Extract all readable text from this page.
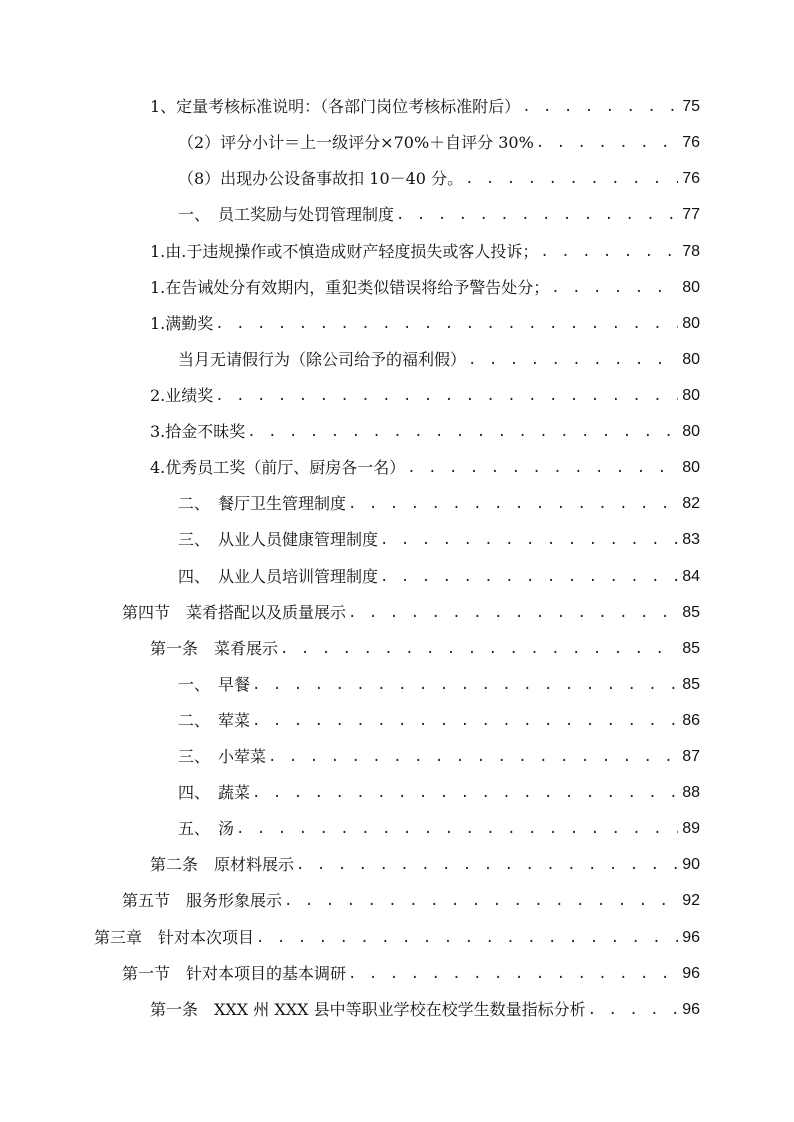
1、定量考核标准说明：（各部门岗位考核标准附后） . . .	75
（2）评分小计＝上一级评分×70%＋自评分 30% . . .	76
（8）出现办公设备事故扣 10－40 分。 . . .	76
一、　员工奖励与处罚管理制度 . . .	77
1.由.于违规操作或不慎造成财产轻度损失或客人投诉； . . .	78
1.在告诫处分有效期内，重犯类似错误将给予警告处分； . . .	80
1.满勤奖 . . .	80
当月无请假行为（除公司给予的福利假） . . .	80
2.业绩奖 . . .	80
3.拾金不昧奖 . . .	80
4.优秀员工奖（前厅、厨房各一名） . . .	80
二、　餐厅卫生管理制度 . . .	82
三、　从业人员健康管理制度 . . .	83
四、　从业人员培训管理制度 . . .	84
第四节　菜肴搭配以及质量展示 . . .	85
第一条　菜肴展示 . . .	85
一、　早餐 . . .	85
二、　荤菜 . . .	86
三、　小荤菜 . . .	87
四、　蔬菜 . . .	88
五、　汤 . . .	89
第二条　原材料展示 . . .	90
第五节　服务形象展示 . . .	92
第三章　针对本次项目 . . .	96
第一节　针对本项目的基本调研 . . .	96
第一条　XXX 州 XXX 县中等职业学校在校学生数量指标分析 . . .	96
